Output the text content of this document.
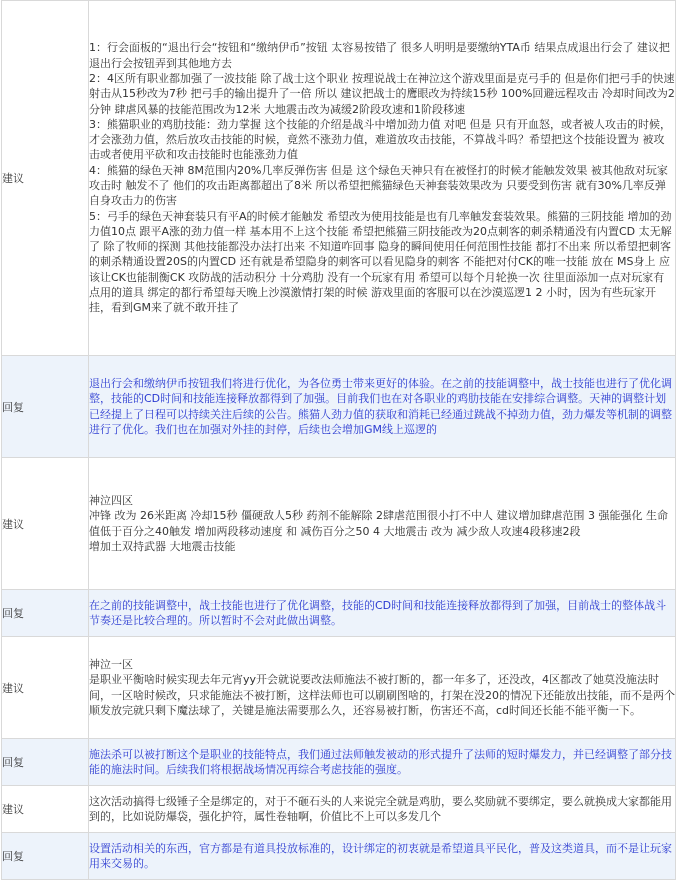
建议	1：行会面板的“退出行会“按钮和“缴纳伊币”按钮 太容易按错了 很多人明明是要缴纳YTA币 结果点成退出行会了 建议把退出行会按钮弄到其他地方去
2：4区所有职业都加强了一波技能 除了战士这个职业 按理说战士在神泣这个游戏里面是克弓手的 但是你们把弓手的快速射击从15秒改为7秒 把弓手的输出提升了一倍 所以 建议把战士的鹰眼改为持续15秒 100%回避远程攻击 冷却时间改为2分钟 肆虐风暴的技能范围改为12米 大地震击改为减缓2阶段攻速和1阶段移速
3：熊猫职业的鸡肋技能：劲力掌握 这个技能的介绍是战斗中增加劲力值 对吧 但是 只有开血怒，或者被人攻击的时候，才会涨劲力值，然后放攻击技能的时候，竟然不涨劲力值，难道放攻击技能，不算战斗吗？希望把这个技能设置为 被攻击或者使用平砍和攻击技能时也能涨劲力值
4：熊猫的绿色天神 8M范围内20%几率反弹伤害 但是 这个绿色天神只有在被怪打的时候才能触发效果 被其他敌对玩家攻击时 触发不了 他们的攻击距离都超出了8米 所以希望把熊猫绿色天神套装效果改为 只要受到伤害 就有30%几率反弹自身攻击力的伤害
5：弓手的绿色天神套装只有平A的时候才能触发 希望改为使用技能是也有几率触发套装效果。熊猫的三阴技能 增加的劲力值10点 跟平A涨的劲力值一样 基本用不上这个技能 希望把熊猫三阴技能改为20点刺客的刺杀精通没有内置CD 太无解了 除了牧师的探测 其他技能都没办法打出来 不知道咋回事 隐身的瞬间使用任何范围性技能 都打不出来 所以希望把刺客的刺杀精通设置20S的内置CD 还有就是希望隐身的刺客可以看见隐身的刺客 不能把对付CK的唯一技能 放在 MS身上 应该让CK也能制衡CK 攻防战的活动积分 十分鸡肋 没有一个玩家有用 希望可以每个月轮换一次 往里面添加一点对玩家有点用的道具 绑定的都行希望每天晚上沙漠激情打架的时候 游戏里面的客服可以在沙漠巡逻1 2 小时，因为有些玩家开挂，看到GM来了就不敢开挂了
回复	退出行会和缴纳伊币按钮我们将进行优化，为各位勇士带来更好的体验。在之前的技能调整中，战士技能也进行了优化调整，技能的CD时间和技能连接释放都得到了加强。目前我们也在对各职业的鸡肋技能在安排综合调整。天神的调整计划已经提上了日程可以持续关注后续的公告。熊猫人劲力值的获取和消耗已经通过跳战不掉劲力值，劲力爆发等机制的调整进行了优化。我们也在加强对外挂的封停，后续也会增加GM线上巡逻的
建议	神泣四区
冲锋 改为 26米距离 冷却15秒 僵硬敌人5秒 药剂不能解除 2肆虐范围很小打不中人 建议增加肆虐范围 3 强能强化 生命值低于百分之40触发 增加两段移动速度 和 减伤百分之50 4 大地震击 改为 减少敌人攻速4段移速2段
增加土双持武器 大地震击技能
回复	在之前的技能调整中，战士技能也进行了优化调整，技能的CD时间和技能连接释放都得到了加强，目前战士的整体战斗节奏还是比较合理的。所以暂时不会对此做出调整。
建议	神泣一区
是职业平衡啥时候实现去年元宵yy开会就说要改法师施法不被打断的，都一年多了，还没改，4区都改了她莫没施法时间，一区啥时候改，只求能施法不被打断，这样法师也可以刷刷图啥的，打架在没20的情况下还能放出技能，而不是两个顺发放完就只剩下魔法球了，关键是施法需要那么久，还容易被打断，伤害还不高，cd时间还长能不能平衡一下。
回复	施法杀可以被打断这个是职业的技能特点，我们通过法师触发被动的形式提升了法师的短时爆发力，并已经调整了部分技能的施法时间。后续我们将根据战场情况再综合考虑技能的强度。
建议	这次活动搞得七级锤子全是绑定的，对于不砸石头的人来说完全就是鸡肋，要么奖励就不要绑定，要么就换成大家都能用到的，比如说防爆袋，强化护符，属性卷轴啊，价值比不上可以多发几个
回复	设置活动相关的东西，官方都是有道具投放标准的，设计绑定的初衷就是希望道具平民化，普及这类道具，而不是让玩家用来交易的。
